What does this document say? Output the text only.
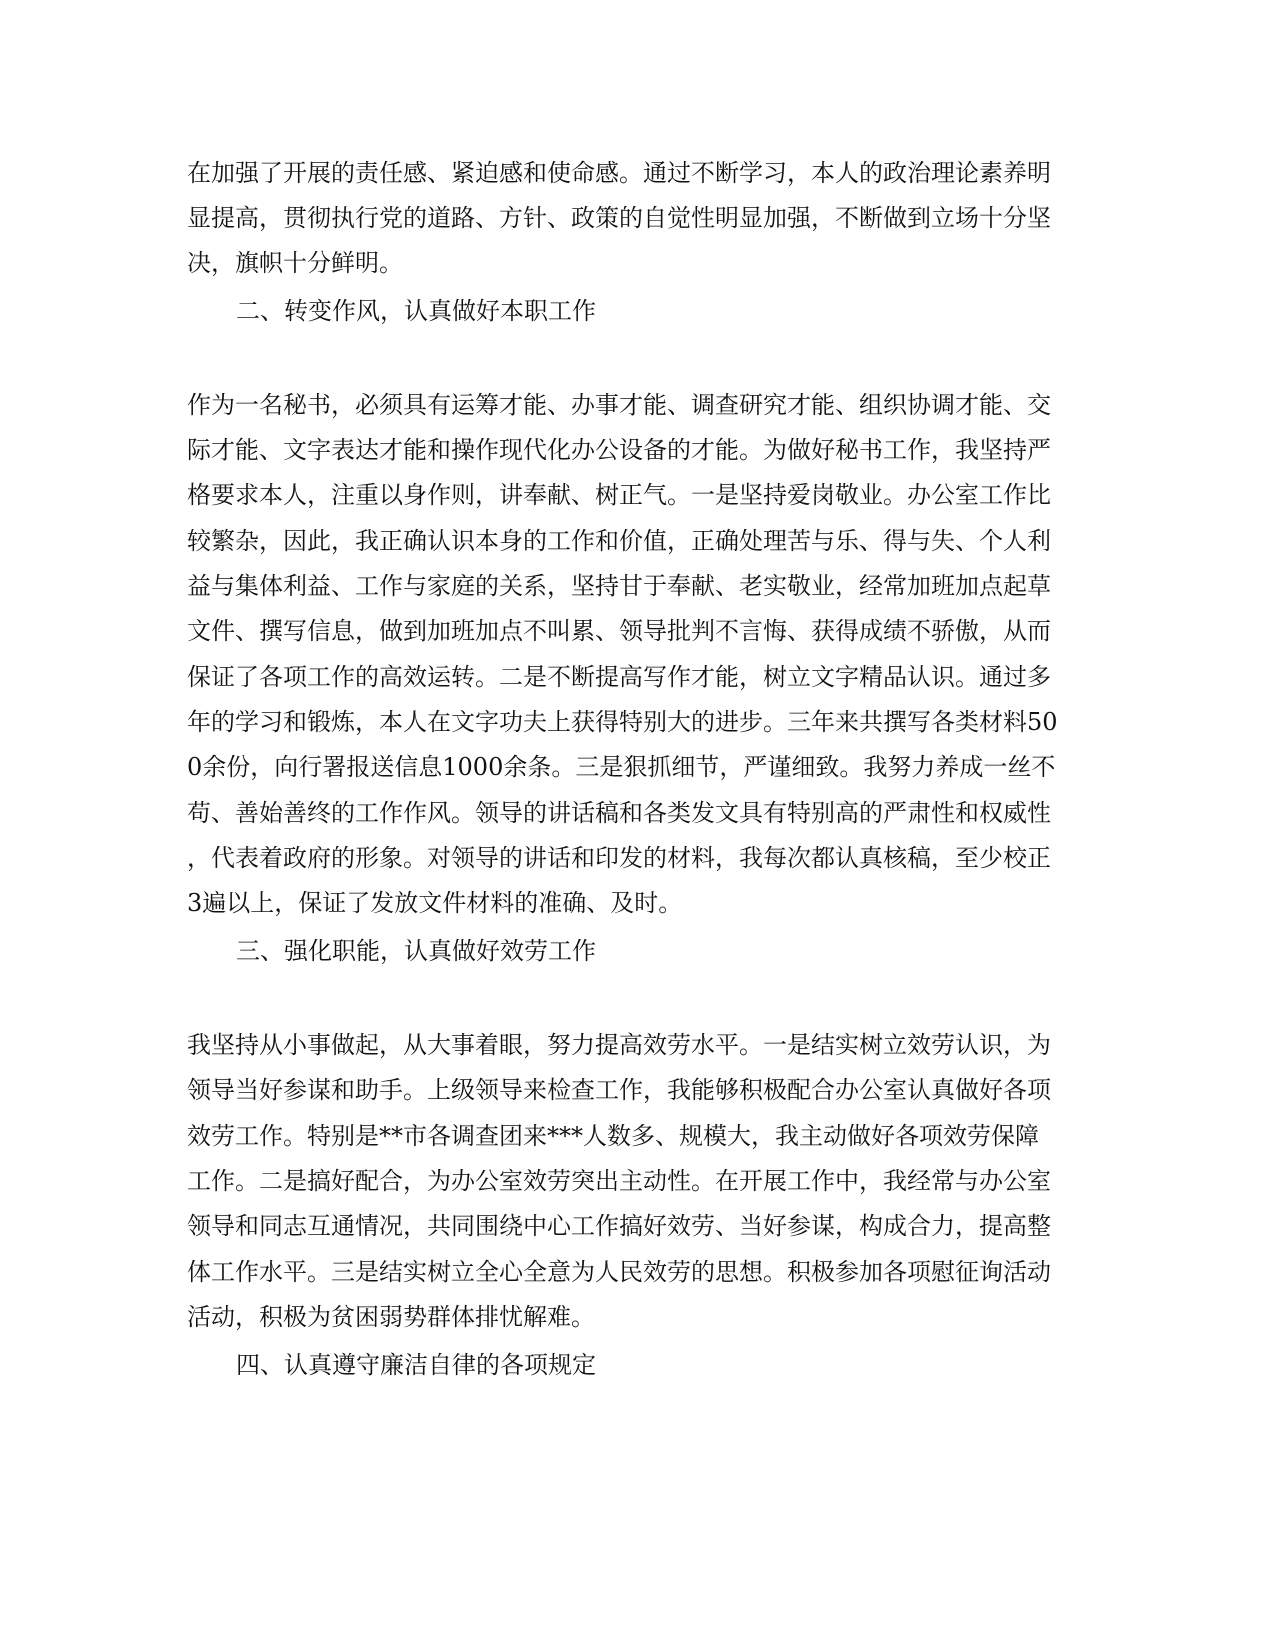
在加强了开展的责任感、紧迫感和使命感。通过不断学习，本人的政治理论素养明
显提高，贯彻执行党的道路、方针、政策的自觉性明显加强，不断做到立场十分坚
决，旗帜十分鲜明。
二、转变作风，认真做好本职工作
作为一名秘书，必须具有运筹才能、办事才能、调查研究才能、组织协调才能、交
际才能、文字表达才能和操作现代化办公设备的才能。为做好秘书工作，我坚持严
格要求本人，注重以身作则，讲奉献、树正气。一是坚持爱岗敬业。办公室工作比
较繁杂，因此，我正确认识本身的工作和价值，正确处理苦与乐、得与失、个人利
益与集体利益、工作与家庭的关系，坚持甘于奉献、老实敬业，经常加班加点起草
文件、撰写信息，做到加班加点不叫累、领导批判不言悔、获得成绩不骄傲，从而
保证了各项工作的高效运转。二是不断提高写作才能，树立文字精品认识。通过多
年的学习和锻炼，本人在文字功夫上获得特别大的进步。三年来共撰写各类材料50
0余份，向行署报送信息1000余条。三是狠抓细节，严谨细致。我努力养成一丝不
苟、善始善终的工作作风。领导的讲话稿和各类发文具有特别高的严肃性和权威性
，代表着政府的形象。对领导的讲话和印发的材料，我每次都认真核稿，至少校正
3遍以上，保证了发放文件材料的准确、及时。
三、强化职能，认真做好效劳工作
我坚持从小事做起，从大事着眼，努力提高效劳水平。一是结实树立效劳认识，为
领导当好参谋和助手。上级领导来检查工作，我能够积极配合办公室认真做好各项
效劳工作。特别是**市各调查团来***人数多、规模大，我主动做好各项效劳保障
工作。二是搞好配合，为办公室效劳突出主动性。在开展工作中，我经常与办公室
领导和同志互通情况，共同围绕中心工作搞好效劳、当好参谋，构成合力，提高整
体工作水平。三是结实树立全心全意为人民效劳的思想。积极参加各项慰征询活动
活动，积极为贫困弱势群体排忧解难。
四、认真遵守廉洁自律的各项规定
